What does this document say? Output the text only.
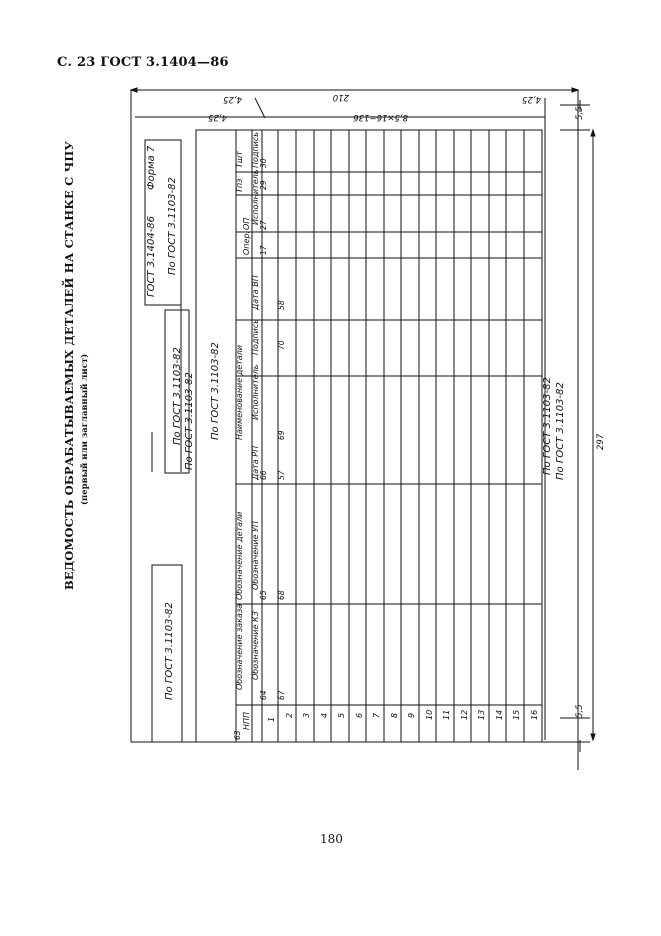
С. 23 ГОСТ 3.1404—86
ВЕДОМОСТЬ ОБРАБАТЫВАЕМЫХ ДЕТАЛЕЙ НА СТАНКЕ С ЧПУ (первый или заглавный лист)
ГОСТ 3.1404-86
Форма 7
По ГОСТ 3.1103-82
По ГОСТ 3.1103-82 По ГОСТ 3.1103-82 По ГОСТ 3.1103-82
По ГОСТ 3.1103-82
По ГОСТ 3.1103-82 По ГОСТ 3.1103-82
НПП
Обозначение заказа Обозначение КЗ
Обозначение детали Обозначение УП
Дата РП
Наименование детали Исполнитель
Подпись
Дата ВП
Опер.
ОП
Тпз
Тшт
Исполнитель
Подпись
63
64
65
66
67
68
57
69
70
58
17
27
29
30
1
2 3 4 5 6 7 8 9 10 11 12 13 14 15 16
210
8,5×16=136
4,25
4,25
4,25
5,5
5,5
297
180
